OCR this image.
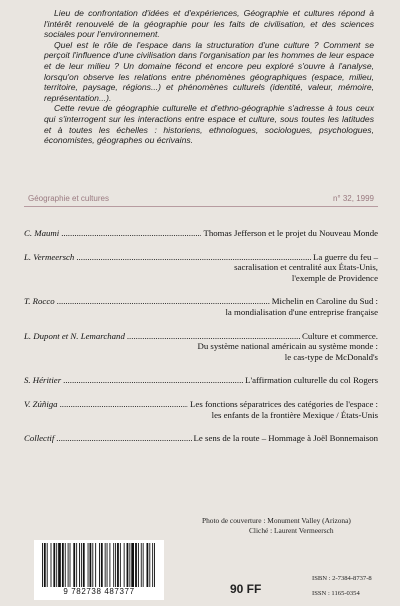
Lieu de confrontation d'idées et d'expériences, Géographie et cultures répond à l'intérêt renouvelé de la géographie pour les faits de civilisation, et des sciences sociales pour l'environnement.

Quel est le rôle de l'espace dans la structuration d'une culture ? Comment se perçoit l'influence d'une civilisation dans l'organisation par les hommes de leur espace et de leur milieu ? Un domaine fécond et encore peu exploré s'ouvre à l'analyse, lorsqu'on observe les relations entre phénomènes géographiques (espace, milieu, territoire, paysage, régions...) et phénomènes culturels (identité, valeur, mémoire, représentation...).

Cette revue de géographie culturelle et d'ethno-géographie s'adresse à tous ceux qui s'interrogent sur les interactions entre espace et culture, sous toutes les latitudes et à toutes les échelles : historiens, ethnologues, sociologues, psychologues, économistes, géographes ou écrivains.

Géographie et cultures	n° 32, 1999
C. Maumi .....	Thomas Jefferson et le projet du Nouveau Monde
L. Vermeersch .....	La guerre du feu –
sacralisation et centralité aux États-Unis,
l'exemple de Providence
T. Rocco .....	Michelin en Caroline du Sud :
la mondialisation d'une entreprise française
L. Dupont et N. Lemarchand .....	Culture et commerce.
Du système national américain au système monde :
le cas-type de McDonald's
S. Héritier .....	L'affirmation culturelle du col Rogers
V. Zúñiga .....	Les fonctions séparatrices des catégories de l'espace :
les enfants de la frontière Mexique / États-Unis
Collectif .....	Le sens de la route – Hommage à Joël Bonnemaison
Photo de couverture : Monument Valley (Arizona)
Cliché : Laurent Vermeersch
9 782738 487377	90 FF
ISBN : 2-7384-8737-8
ISSN : 1165-0354
